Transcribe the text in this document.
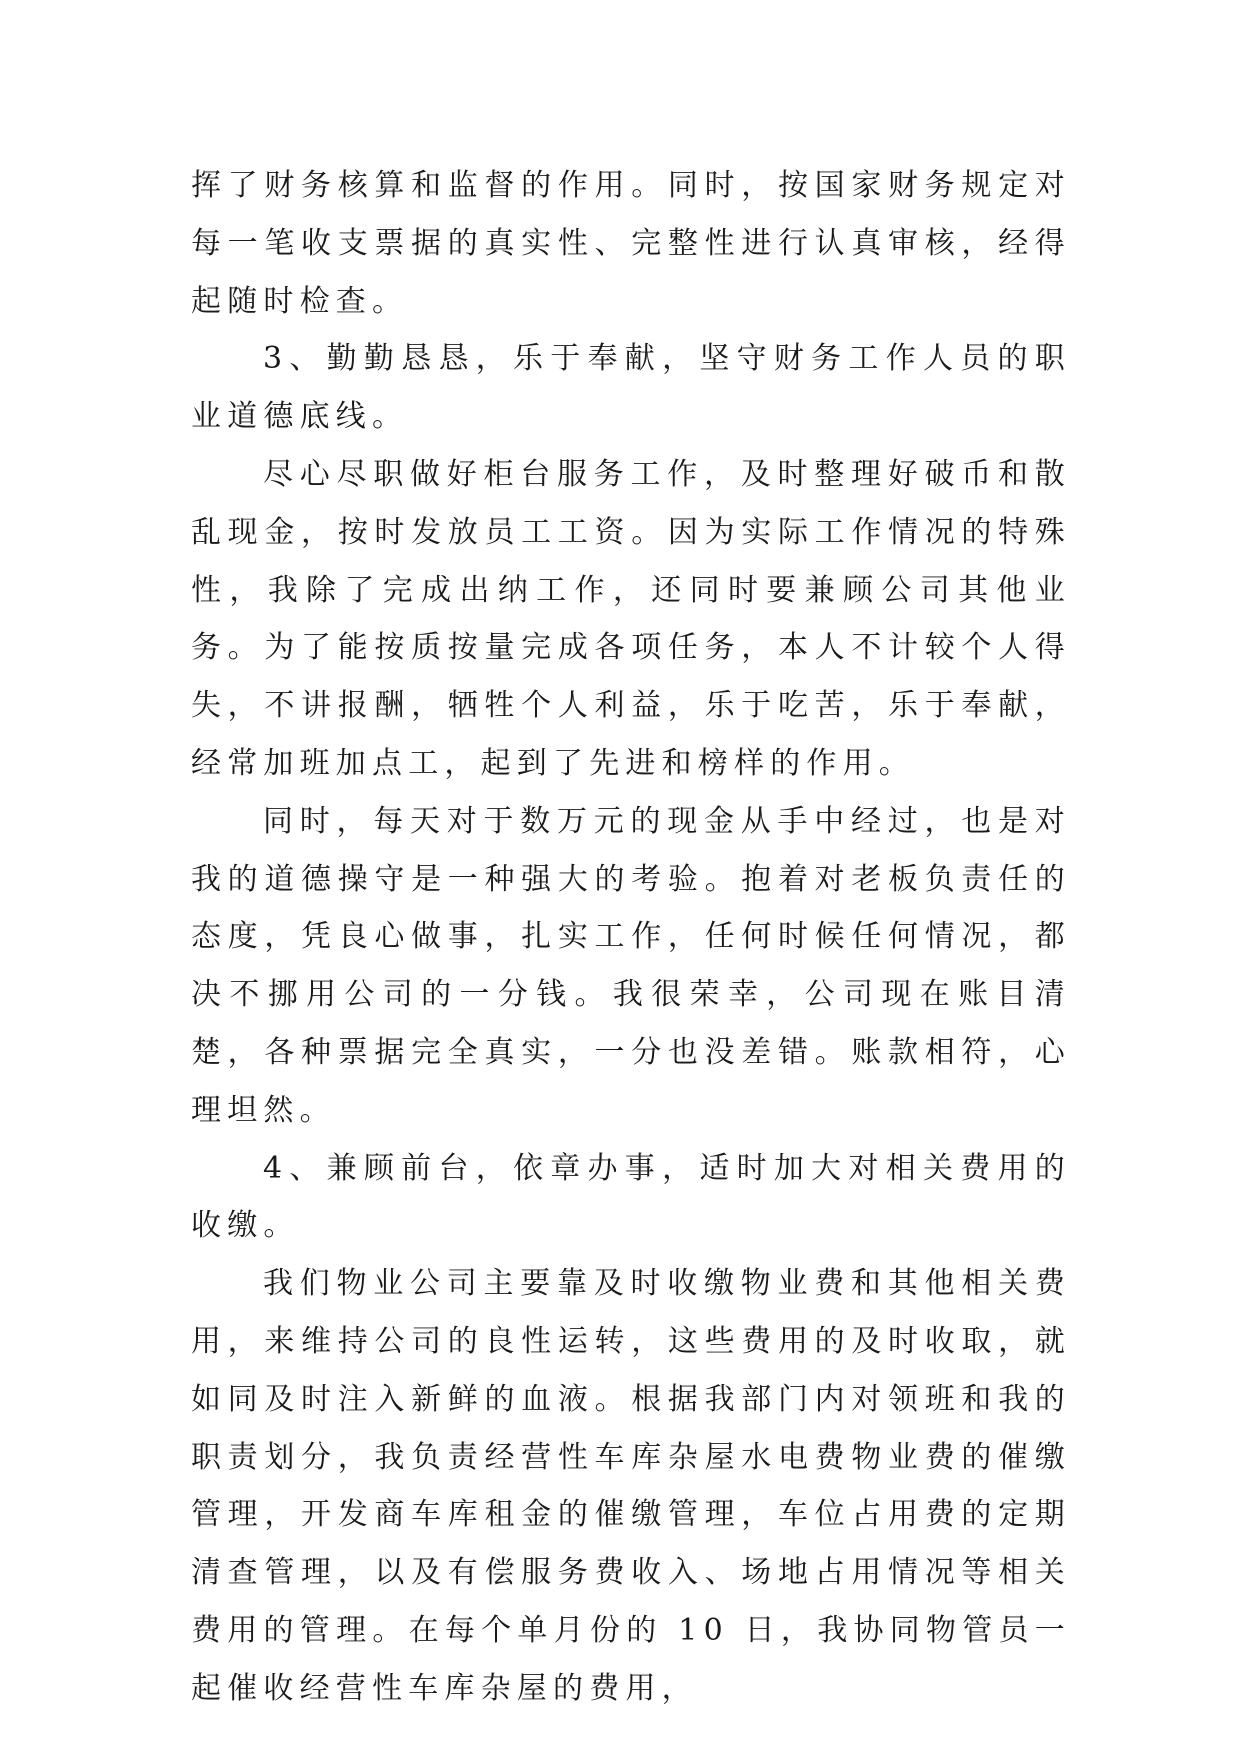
挥了财务核算和监督的作用。同时，按国家财务规定对每一笔收支票据的真实性、完整性进行认真审核，经得起随时检查。

3、勤勤恳恳，乐于奉献，坚守财务工作人员的职业道德底线。

尽心尽职做好柜台服务工作，及时整理好破币和散乱现金，按时发放员工工资。因为实际工作情况的特殊性，我除了完成出纳工作，还同时要兼顾公司其他业务。为了能按质按量完成各项任务，本人不计较个人得失，不讲报酬，牺牲个人利益，乐于吃苦，乐于奉献，经常加班加点工，起到了先进和榜样的作用。

同时，每天对于数万元的现金从手中经过，也是对我的道德操守是一种强大的考验。抱着对老板负责任的态度，凭良心做事，扎实工作，任何时候任何情况，都决不挪用公司的一分钱。我很荣幸，公司现在账目清楚，各种票据完全真实，一分也没差错。账款相符，心理坦然。

4、兼顾前台，依章办事，适时加大对相关费用的收缴。

我们物业公司主要靠及时收缴物业费和其他相关费用，来维持公司的良性运转，这些费用的及时收取，就如同及时注入新鲜的血液。根据我部门内对领班和我的职责划分，我负责经营性车库杂屋水电费物业费的催缴管理，开发商车库租金的催缴管理，车位占用费的定期清查管理，以及有偿服务费收入、场地占用情况等相关费用的管理。在每个单月份的 10 日，我协同物管员一起催收经营性车库杂屋的费用，
